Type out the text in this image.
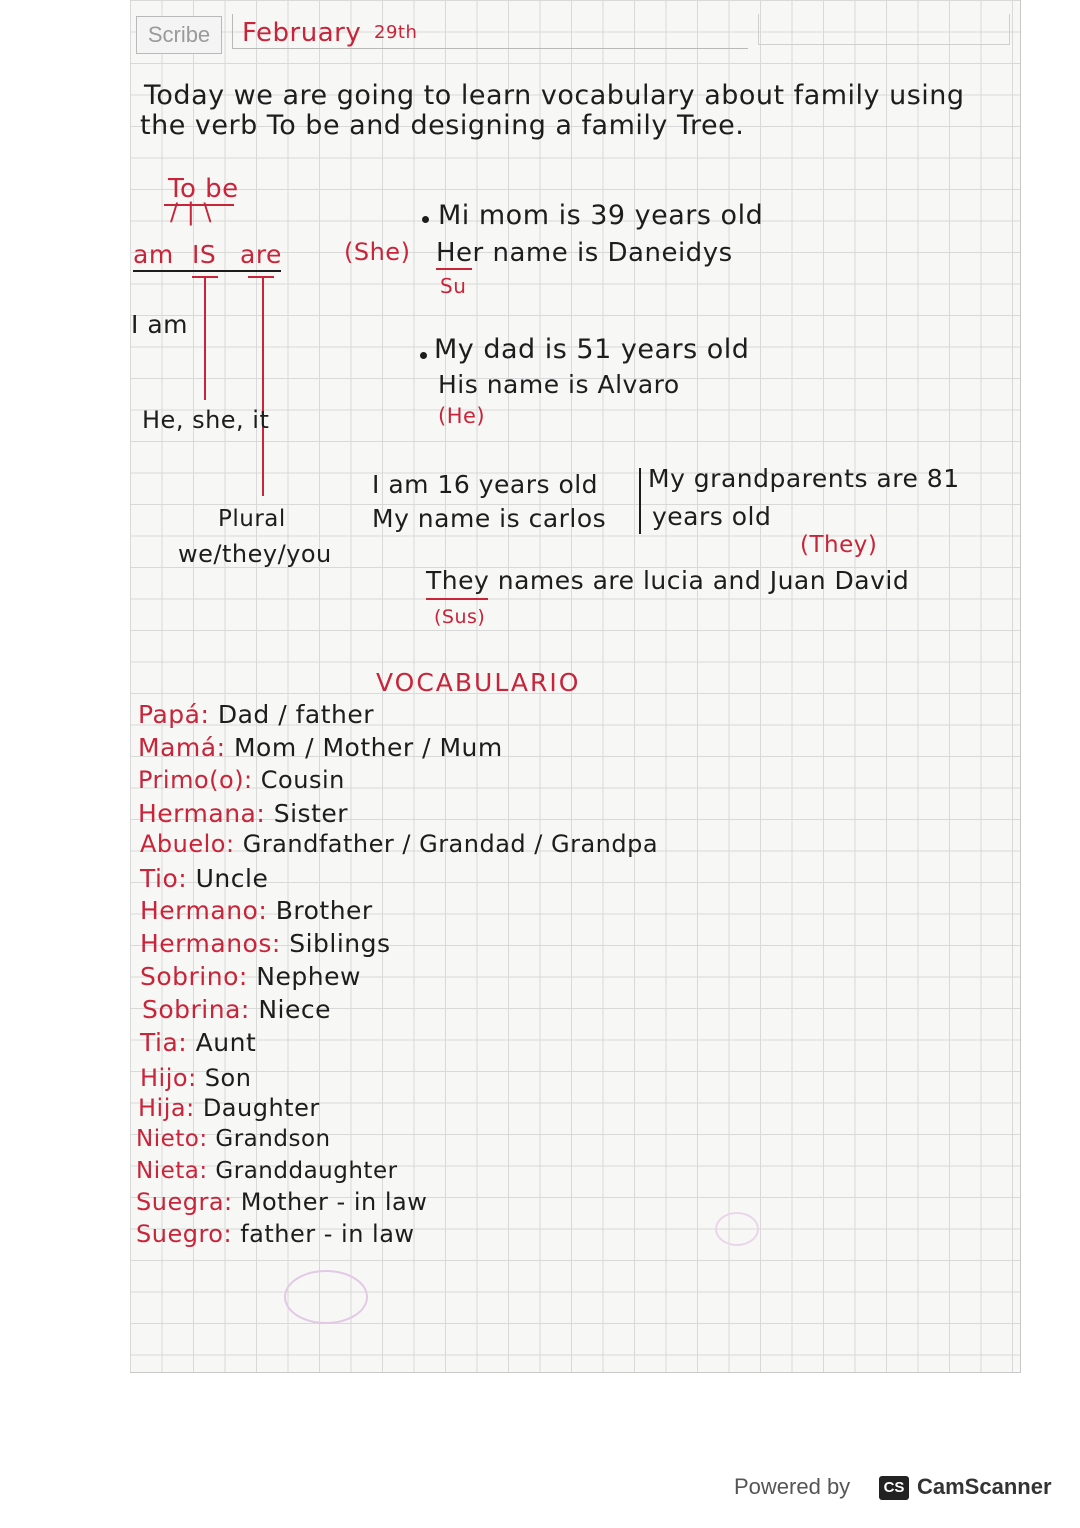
Scribe	February 29th
Today we are going to learn vocabulary about family using
the verb To be and designing a family Tree.
To be
/ | \
am IS are
I am
He, she, it
Plural
we/they/you
Mi mom is 39 years old
(She) Her name is Daneidys
Su
My dad is 51 years old
His name is Alvaro
(He)
I am 16 years old
My name is carlos
My grandparents are 81
years old
(They)
They names are lucia and Juan David
(Sus)
VOCABULARIO
Papá: Dad / father
Mamá: Mom / Mother / Mum
Primo(o): Cousin
Hermana: Sister
Abuelo: Grandfather / Grandad / Grandpa
Tio: Uncle
Hermano: Brother
Hermanos: Siblings
Sobrino: Nephew
Sobrina: Niece
Tia: Aunt
Hijo: Son
Hija: Daughter
Nieto: Grandson
Nieta: Granddaughter
Suegra: Mother - in law
Suegro: father - in law
Powered by	CS CamScanner
